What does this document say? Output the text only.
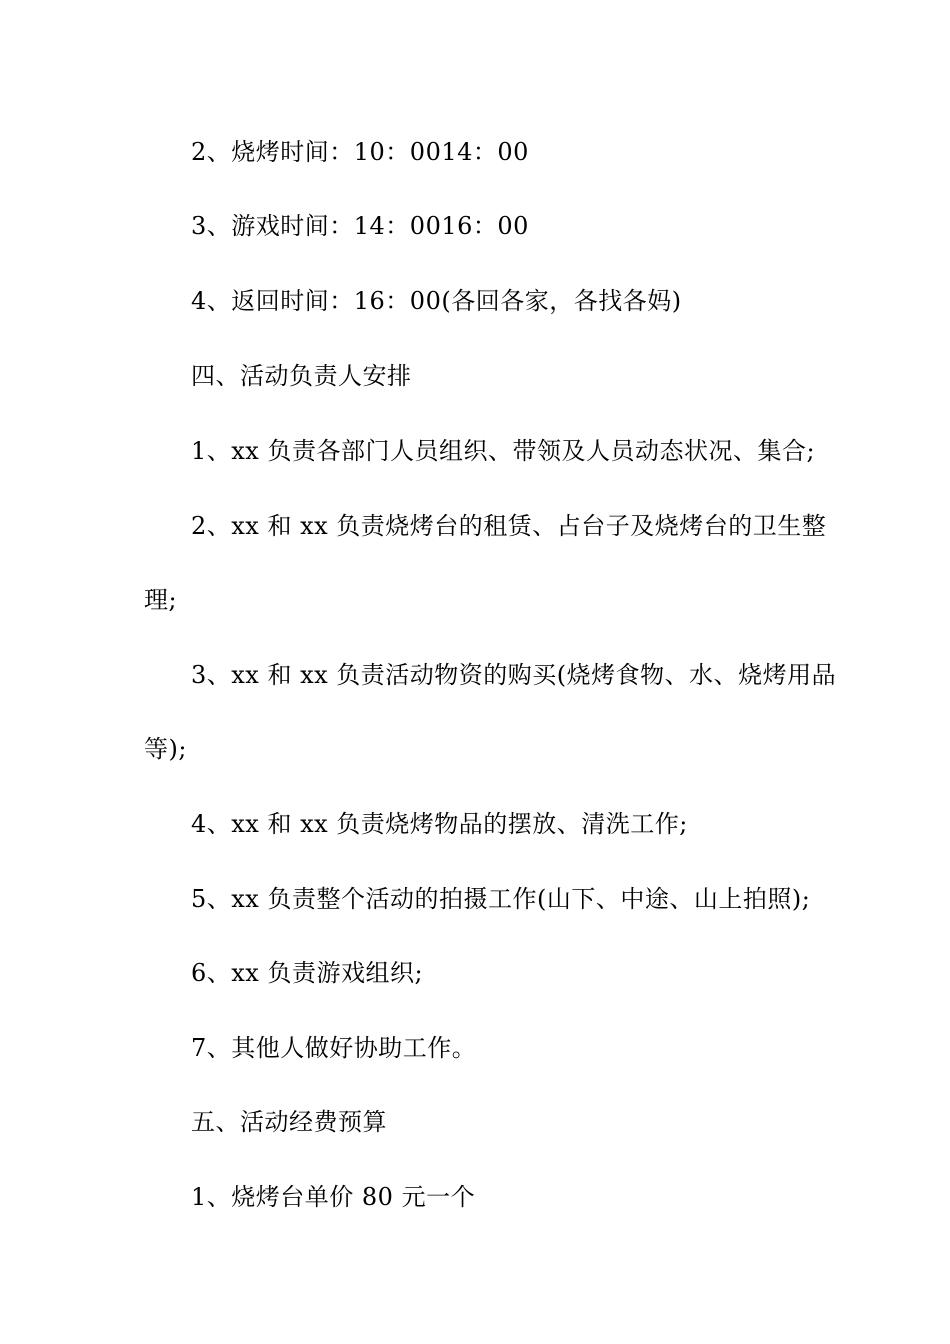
2、烧烤时间：10：0014：00
3、游戏时间：14：0016：00
4、返回时间：16：00(各回各家，各找各妈)
四、活动负责人安排
1、xx 负责各部门人员组织、带领及人员动态状况、集合;
2、xx 和 xx 负责烧烤台的租赁、占台子及烧烤台的卫生整
理;
3、xx 和 xx 负责活动物资的购买(烧烤食物、水、烧烤用品
等);
4、xx 和 xx 负责烧烤物品的摆放、清洗工作;
5、xx 负责整个活动的拍摄工作(山下、中途、山上拍照);
6、xx 负责游戏组织;
7、其他人做好协助工作。
五、活动经费预算
1、烧烤台单价 80 元一个
